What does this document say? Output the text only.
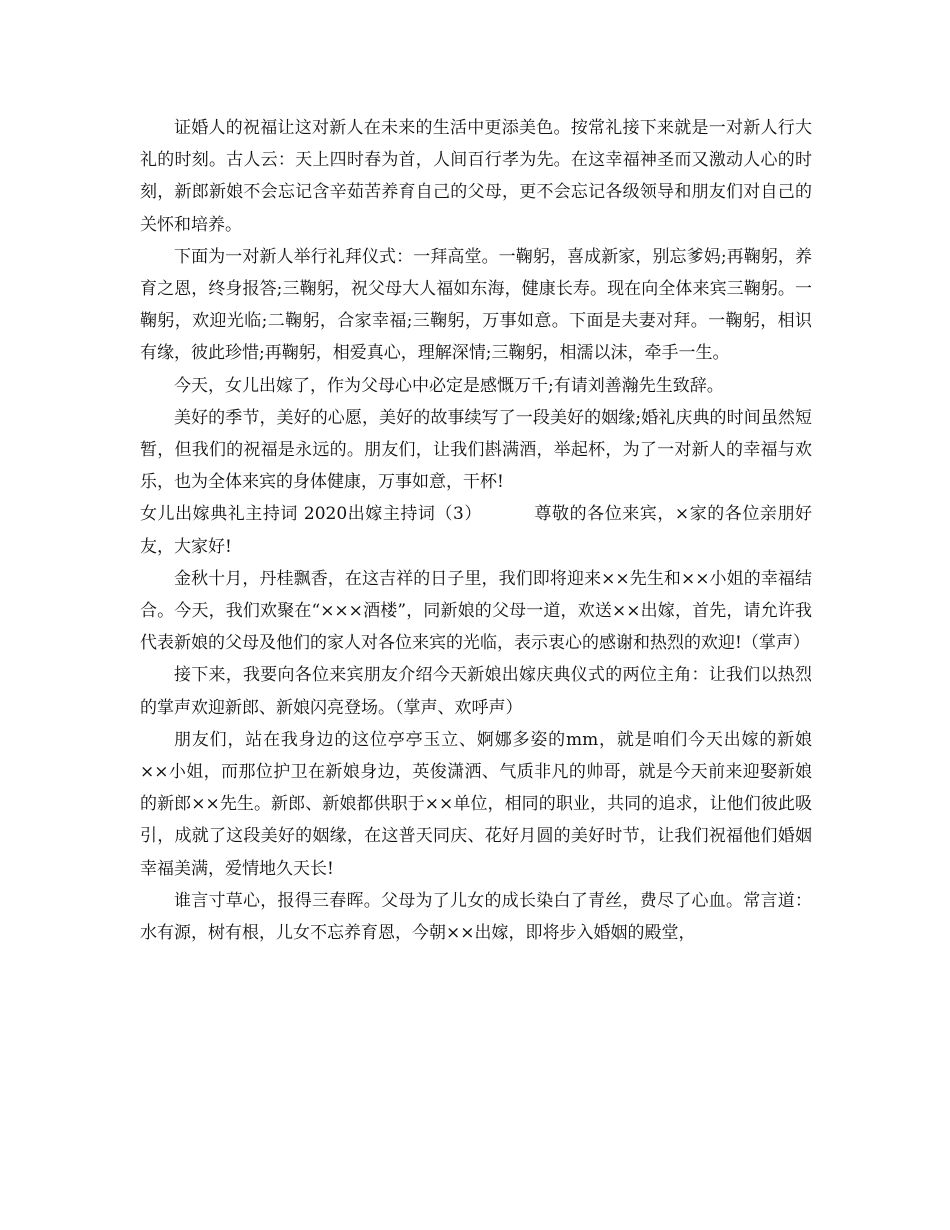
证婚人的祝福让这对新人在未来的生活中更添美色。按常礼接下来就是一对新人行大礼的时刻。古人云：天上四时春为首，人间百行孝为先。在这幸福神圣而又激动人心的时刻，新郎新娘不会忘记含辛茹苦养育自己的父母，更不会忘记各级领导和朋友们对自己的关怀和培养。

下面为一对新人举行礼拜仪式：一拜高堂。一鞠躬，喜成新家，别忘爹妈;再鞠躬，养育之恩，终身报答;三鞠躬，祝父母大人福如东海，健康长寿。现在向全体来宾三鞠躬。一鞠躬，欢迎光临;二鞠躬，合家幸福;三鞠躬，万事如意。下面是夫妻对拜。一鞠躬，相识有缘，彼此珍惜;再鞠躬，相爱真心，理解深情;三鞠躬，相濡以沫，牵手一生。

今天，女儿出嫁了，作为父母心中必定是感慨万千;有请刘善瀚先生致辞。

美好的季节，美好的心愿，美好的故事续写了一段美好的姻缘;婚礼庆典的时间虽然短暂，但我们的祝福是永远的。朋友们，让我们斟满酒，举起杯，为了一对新人的幸福与欢乐，也为全体来宾的身体健康，万事如意，干杯!

女儿出嫁典礼主持词 2020出嫁主持词（3）	尊敬的各位来宾，×家的各位亲朋好友，大家好!

金秋十月，丹桂飘香，在这吉祥的日子里，我们即将迎来××先生和××小姐的幸福结合。今天，我们欢聚在“×××酒楼”，同新娘的父母一道，欢送××出嫁，首先，请允许我代表新娘的父母及他们的家人对各位来宾的光临，表示衷心的感谢和热烈的欢迎!（掌声）

接下来，我要向各位来宾朋友介绍今天新娘出嫁庆典仪式的两位主角：让我们以热烈的掌声欢迎新郎、新娘闪亮登场。（掌声、欢呼声）

朋友们，站在我身边的这位亭亭玉立、婀娜多姿的mm，就是咱们今天出嫁的新娘××小姐，而那位护卫在新娘身边，英俊潇洒、气质非凡的帅哥，就是今天前来迎娶新娘的新郎××先生。新郎、新娘都供职于××单位，相同的职业，共同的追求，让他们彼此吸引，成就了这段美好的姻缘，在这普天同庆、花好月圆的美好时节，让我们祝福他们婚姻幸福美满，爱情地久天长!

谁言寸草心，报得三春晖。父母为了儿女的成长染白了青丝，费尽了心血。常言道：水有源，树有根，儿女不忘养育恩，今朝××出嫁，即将步入婚姻的殿堂，
